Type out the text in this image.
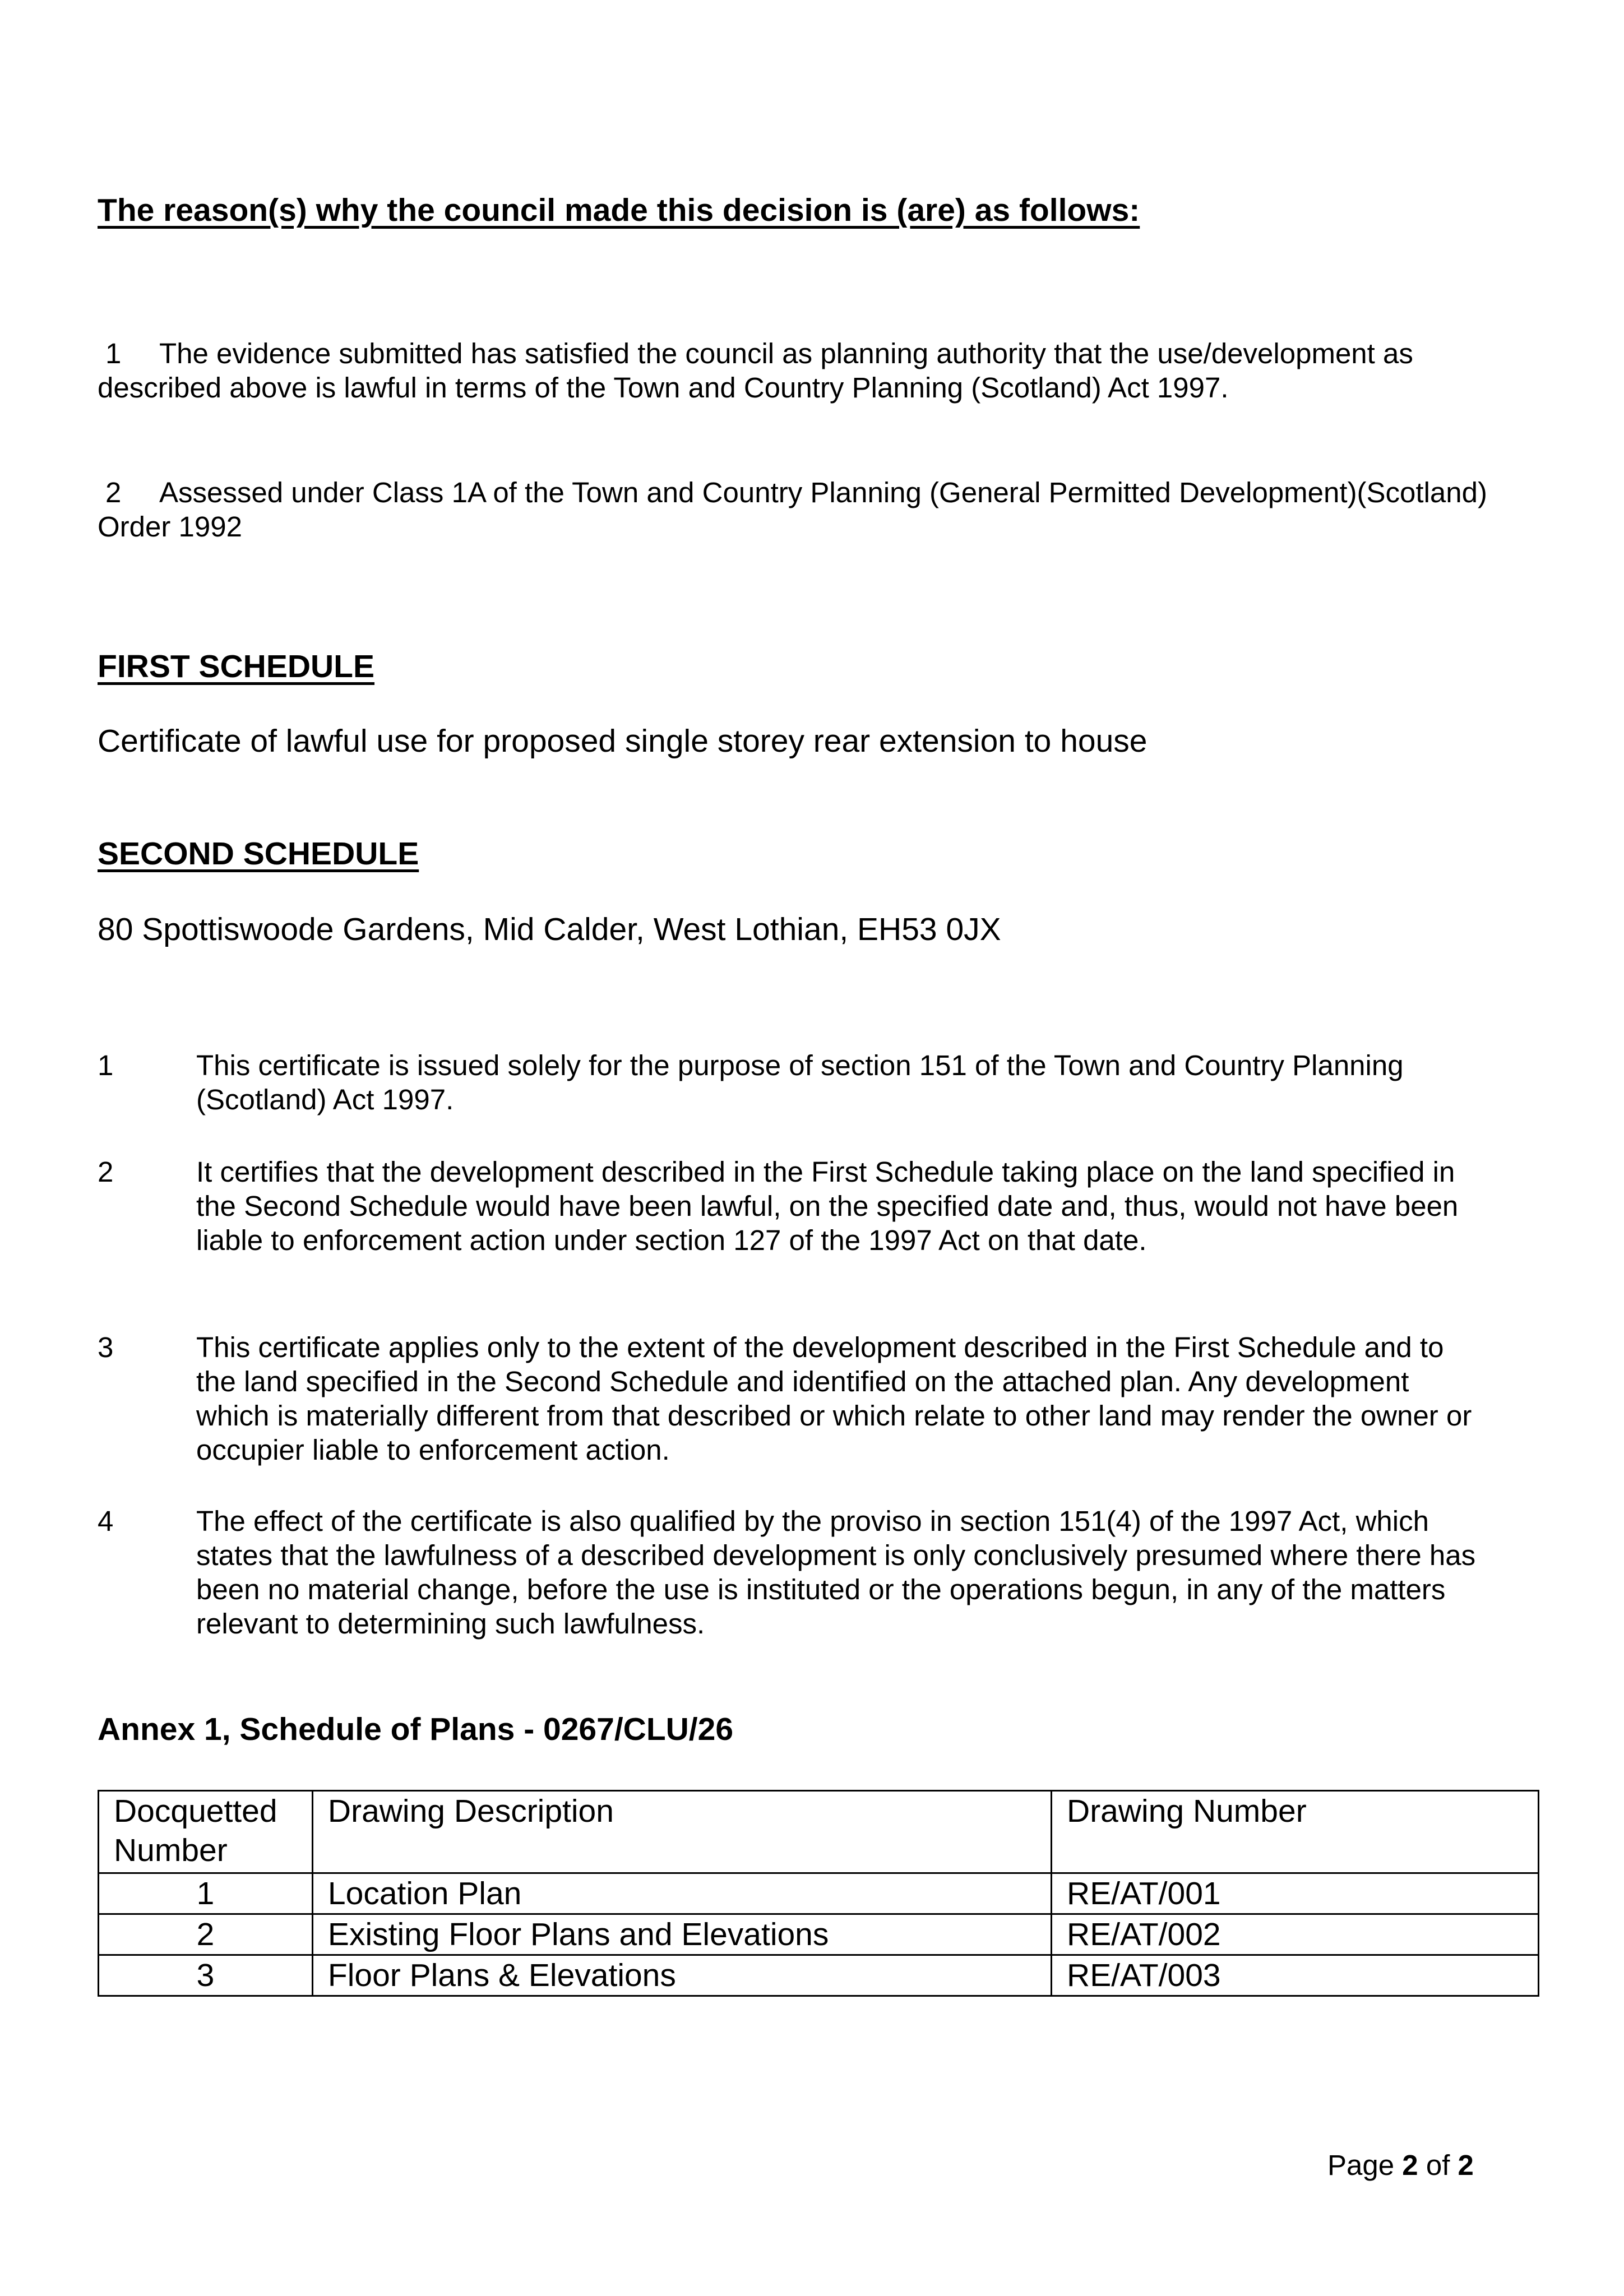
The reason(s) why the council made this decision is (are) as follows:

1 The evidence submitted has satisfied the council as planning authority that the use/development as described above is lawful in terms of the Town and Country Planning (Scotland) Act 1997.

2 Assessed under Class 1A of the Town and Country Planning (General Permitted Development)(Scotland) Order 1992

FIRST SCHEDULE

Certificate of lawful use for proposed single storey rear extension to house

SECOND SCHEDULE

80 Spottiswoode Gardens, Mid Calder, West Lothian, EH53 0JX

1	This certificate is issued solely for the purpose of section 151 of the Town and Country Planning (Scotland) Act 1997.
2	It certifies that the development described in the First Schedule taking place on the land specified in the Second Schedule would have been lawful, on the specified date and, thus, would not have been liable to enforcement action under section 127 of the 1997 Act on that date.
3	This certificate applies only to the extent of the development described in the First Schedule and to the land specified in the Second Schedule and identified on the attached plan. Any development which is materially different from that described or which relate to other land may render the owner or occupier liable to enforcement action.
4	The effect of the certificate is also qualified by the proviso in section 151(4) of the 1997 Act, which states that the lawfulness of a described development is only conclusively presumed where there has been no material change, before the use is instituted or the operations begun, in any of the matters relevant to determining such lawfulness.
Annex 1, Schedule of Plans - 0267/CLU/26
Docquetted Number	Drawing Description	Drawing Number
1	Location Plan	RE/AT/001
2	Existing Floor Plans and Elevations	RE/AT/002
3	Floor Plans & Elevations	RE/AT/003

Page 2 of 2
